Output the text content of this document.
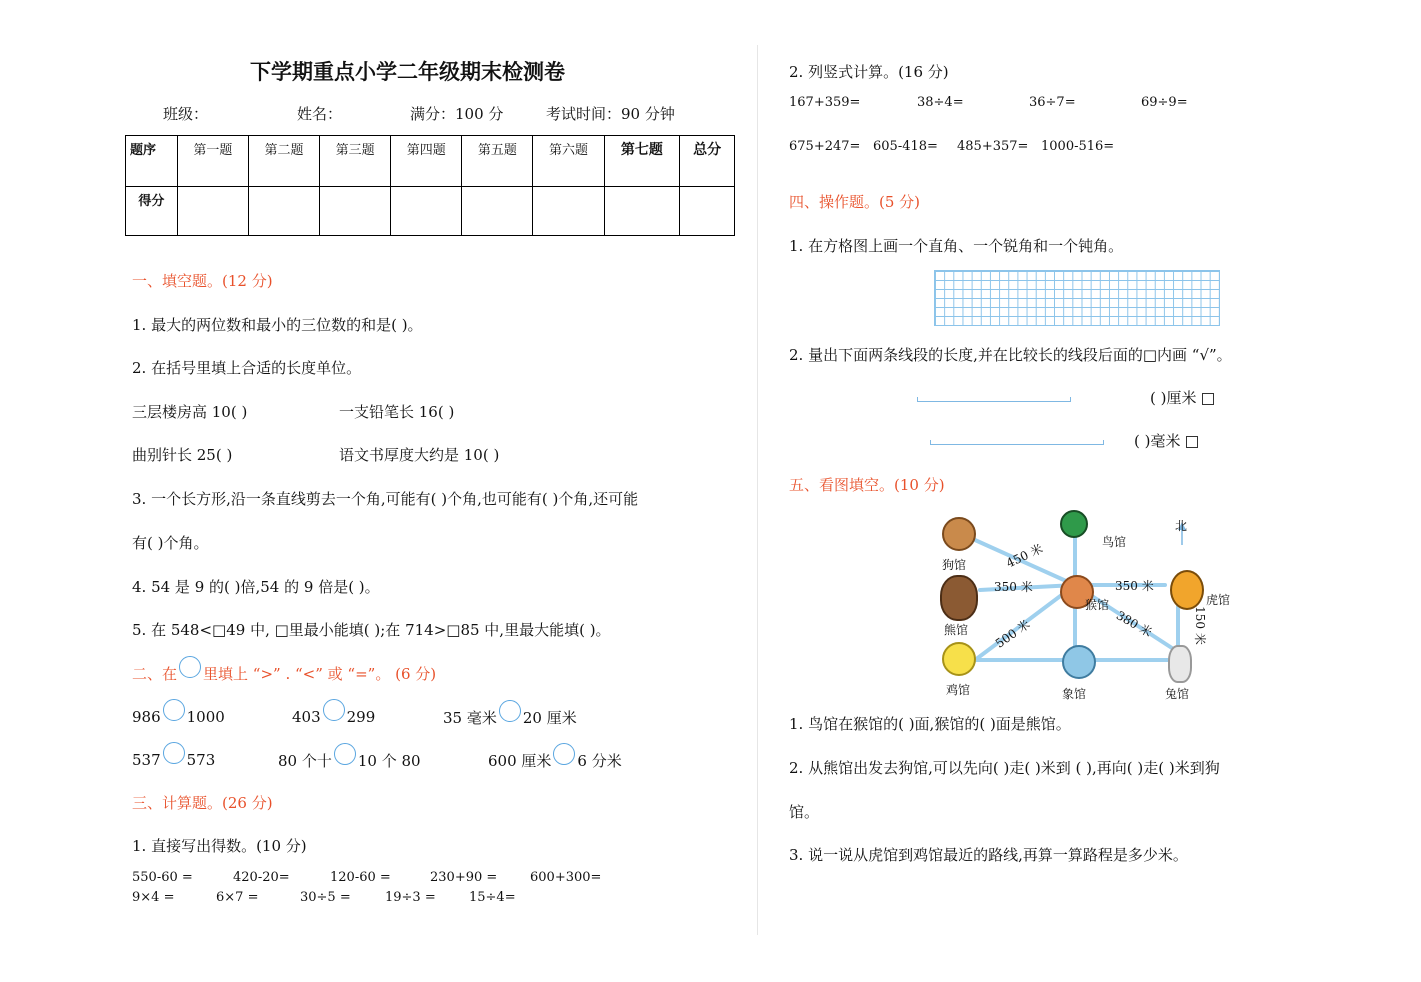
下学期重点小学二年级期末检测卷
班级：	姓名：	满分：100 分	考试时间：90 分钟
题序	第一题	第二题	第三题	第四题	第五题	第六题	第七题	总分
得分								
一、填空题。(12 分)
1. 最大的两位数和最小的三位数的和是( )。
2. 在括号里填上合适的长度单位。
三层楼房高 10( )	一支铅笔长 16( )
曲别针长 25( )	语文书厚度大约是 10( )
3. 一个长方形,沿一条直线剪去一个角,可能有( )个角,也可能有( )个角,还可能
有( )个角。
4. 54 是 9 的( )倍,54 的 9 倍是( )。
5. 在 548<□49 中, □里最小能填( );在 714>□85 中,里最大能填( )。
二、在 里填上 “>” . “<” 或 “=”。 (6 分)
986 1000	403 299	35 毫米 20 厘米
537 573	80 个十 10 个 80	600 厘米 6 分米
三、计算题。(26 分)
1. 直接写出得数。(10 分)
550-60 =	420-20=	120-60 =	230+90 =	600+300=
9×4 =	6×7 =	30÷5 =	19÷3 =	15÷4=
2. 列竖式计算。(16 分)
167+359=	38÷4=	36÷7=	69÷9=
675+247= 605-418= 485+357= 1000-516=
四、操作题。(5 分)
1. 在方格图上画一个直角、一个锐角和一个钝角。
2. 量出下面两条线段的长度,并在比较长的线段后面的□内画 “√”。
( )厘米
( )毫米
五、看图填空。(10 分)
北
狗馆
鸟馆
熊馆
猴馆	虎馆
鸡馆	象馆	兔馆
450 米
350 米	350 米
380 米
500 米	150 米
1. 鸟馆在猴馆的( )面,猴馆的( )面是熊馆。
2. 从熊馆出发去狗馆,可以先向( )走( )米到 ( ),再向( )走( )米到狗
馆。
3. 说一说从虎馆到鸡馆最近的路线,再算一算路程是多少米。
